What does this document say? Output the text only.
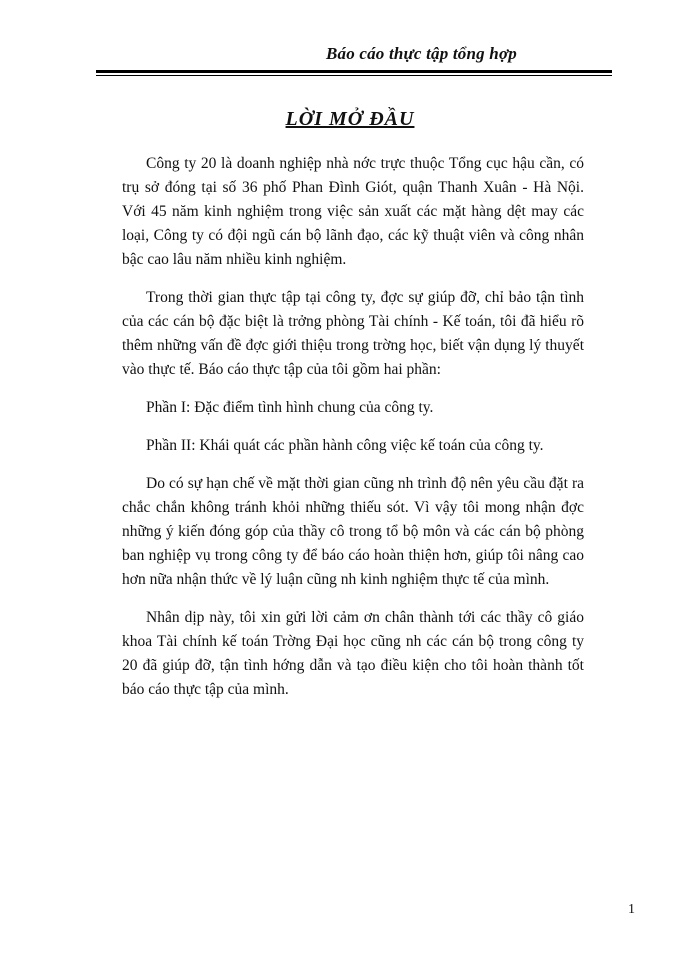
Báo cáo thực tập tổng hợp
LỜI MỞ ĐẦU

Công ty 20 là doanh nghiệp nhà nớc trực thuộc Tổng cục hậu cần, có trụ sở đóng tại số 36 phố Phan Đình Giót, quận Thanh Xuân - Hà Nội. Với 45 năm kinh nghiệm trong việc sản xuất các mặt hàng dệt may các loại, Công ty có đội ngũ cán bộ lãnh đạo, các kỹ thuật viên và công nhân bậc cao lâu năm nhiều kinh nghiệm.

Trong thời gian thực tập tại công ty, đợc sự giúp đỡ, chỉ bảo tận tình của các cán bộ đặc biệt là trởng phòng Tài chính - Kế toán, tôi đã hiểu rõ thêm những vấn đề đợc giới thiệu trong trờng học, biết vận dụng lý thuyết vào thực tế. Báo cáo thực tập của tôi gồm hai phần:

Phần I: Đặc điểm tình hình chung của công ty.

Phần II: Khái quát các phần hành công việc kế toán của công ty.

Do có sự hạn chế về mặt thời gian cũng nh trình độ nên yêu cầu đặt ra chắc chắn không tránh khỏi những thiếu sót. Vì vậy tôi mong nhận đợc những ý kiến đóng góp của thầy cô trong tổ bộ môn và các cán bộ phòng ban nghiệp vụ trong công ty để báo cáo hoàn thiện hơn, giúp tôi nâng cao hơn nữa nhận thức về lý luận cũng nh kinh nghiệm thực tế của mình.

Nhân dịp này, tôi xin gửi lời cảm ơn chân thành tới các thầy cô giáo khoa Tài chính kế toán Trờng Đại học cũng nh các cán bộ trong công ty 20 đã giúp đỡ, tận tình hớng dẫn và tạo điều kiện cho tôi hoàn thành tốt báo cáo thực tập của mình.

1
